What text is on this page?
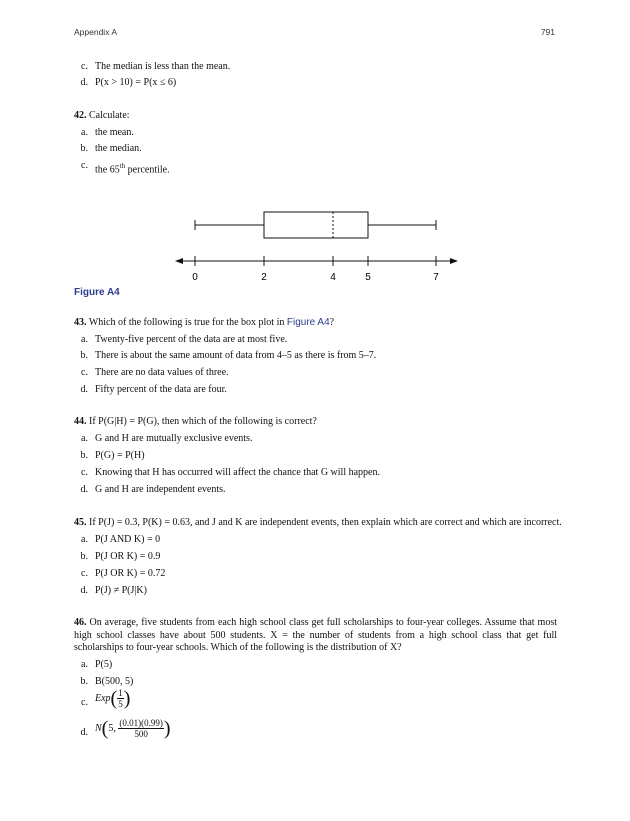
Appendix A	791
c. The median is less than the mean.
d. P(x > 10) = P(x ≤ 6)
42. Calculate:
a. the mean.
b. the median.
c. the 65th percentile.
0	2	4	5	7
Figure A4
43. Which of the following is true for the box plot in Figure A4?
a. Twenty-five percent of the data are at most five.
b. There is about the same amount of data from 4–5 as there is from 5–7.
c. There are no data values of three.
d. Fifty percent of the data are four.
44. If P(G|H) = P(G), then which of the following is correct?
a. G and H are mutually exclusive events.
b. P(G) = P(H)
c. Knowing that H has occurred will affect the chance that G will happen.
d. G and H are independent events.
45. If P(J) = 0.3, P(K) = 0.63, and J and K are independent events, then explain which are correct and which are incorrect.
a. P(J AND K) = 0
b. P(J OR K) = 0.9
c. P(J OR K) = 0.72
d. P(J) ≠ P(J|K)
46. On average, five students from each high school class get full scholarships to four-year colleges. Assume that most high school classes have about 500 students. X = the number of students from a high school class that get full scholarships to four-year schools. Which of the following is the distribution of X?
a. P(5)
b. B(500, 5)
c. $Exp( \frac{1}{5}$ )
d. N(5, $\frac{(0.01)(0.99)}{500}$ )
